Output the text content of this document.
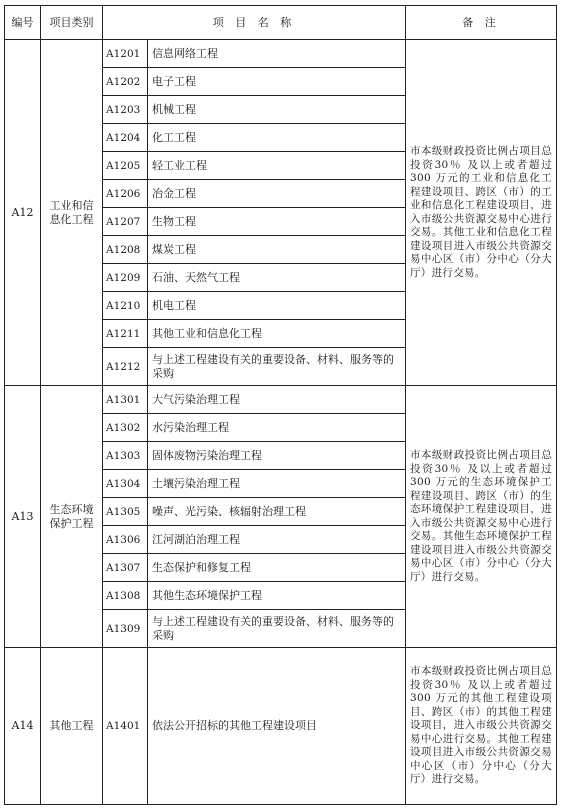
编号	项目类别	项 目 名 称		备 注
A12	工业和信息化工程	A1201	信息网络工程	市本级财政投资比例占项目总投资30％ 及以上或者超过300 万元的工业和信息化工程建设项目、跨区（市）的工业和信息化工程建设项目，进入市级公共资源交易中心进行交易。其他工业和信息化工程建设项目进入市级公共资源交易中心区（市）分中心（分大厅）进行交易。
		A1202	电子工程	
		A1203	机械工程	
		A1204	化工工程	
		A1205	轻工业工程	
		A1206	冶金工程	
		A1207	生物工程	
		A1208	煤炭工程	
		A1209	石油、天然气工程	
		A1210	机电工程	
		A1211	其他工业和信息化工程	
		A1212	与上述工程建设有关的重要设备、材料、服务等的采购	
A13	生态环境保护工程	A1301	大气污染治理工程	市本级财政投资比例占项目总投资30％ 及以上或者超过300 万元的生态环境保护工程建设项目、跨区（市）的生态环境保护工程建设项目，进入市级公共资源交易中心进行交易。其他生态环境保护工程建设项目进入市级公共资源交易中心区（市）分中心（分大厅）进行交易。
		A1302	水污染治理工程	
		A1303	固体废物污染治理工程	
		A1304	土壤污染治理工程	
		A1305	噪声、光污染、核辐射治理工程	
		A1306	江河湖泊治理工程	
		A1307	生态保护和修复工程	
		A1308	其他生态环境保护工程	
		A1309	与上述工程建设有关的重要设备、材料、服务等的采购	
A14	其他工程	A1401	依法公开招标的其他工程建设项目	市本级财政投资比例占项目总投资30％ 及以上或者超过300 万元的其他工程建设项目、跨区（市）的其他工程建设项目，进入市级公共资源交易中心进行交易。其他工程建设项目进入市级公共资源交易中心区（市）分中心（分大厅）进行交易。
